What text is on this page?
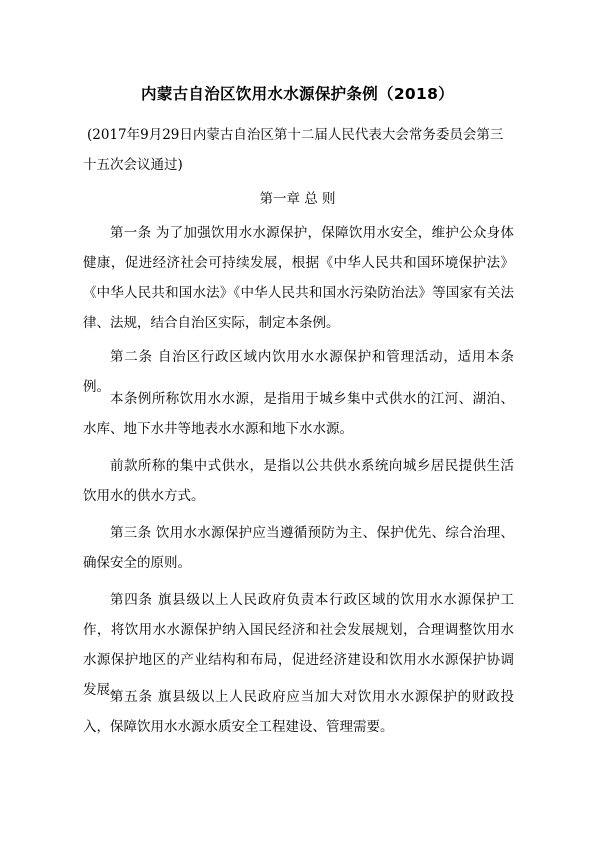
内蒙古自治区饮用水水源保护条例（2018）

(2017年9月29日内蒙古自治区第十二届人民代表大会常务委员会第三十五次会议通过)

第一章 总 则

第一条 为了加强饮用水水源保护，保障饮用水安全，维护公众身体健康，促进经济社会可持续发展，根据《中华人民共和国环境保护法》《中华人民共和国水法》《中华人民共和国水污染防治法》等国家有关法律、法规，结合自治区实际，制定本条例。

第二条 自治区行政区域内饮用水水源保护和管理活动，适用本条例。

本条例所称饮用水水源，是指用于城乡集中式供水的江河、湖泊、水库、地下水井等地表水水源和地下水水源。

前款所称的集中式供水，是指以公共供水系统向城乡居民提供生活饮用水的供水方式。

第三条 饮用水水源保护应当遵循预防为主、保护优先、综合治理、确保安全的原则。

第四条 旗县级以上人民政府负责本行政区域的饮用水水源保护工作，将饮用水水源保护纳入国民经济和社会发展规划，合理调整饮用水水源保护地区的产业结构和布局，促进经济建设和饮用水水源保护协调发展。

第五条 旗县级以上人民政府应当加大对饮用水水源保护的财政投入，保障饮用水水源水质安全工程建设、管理需要。
